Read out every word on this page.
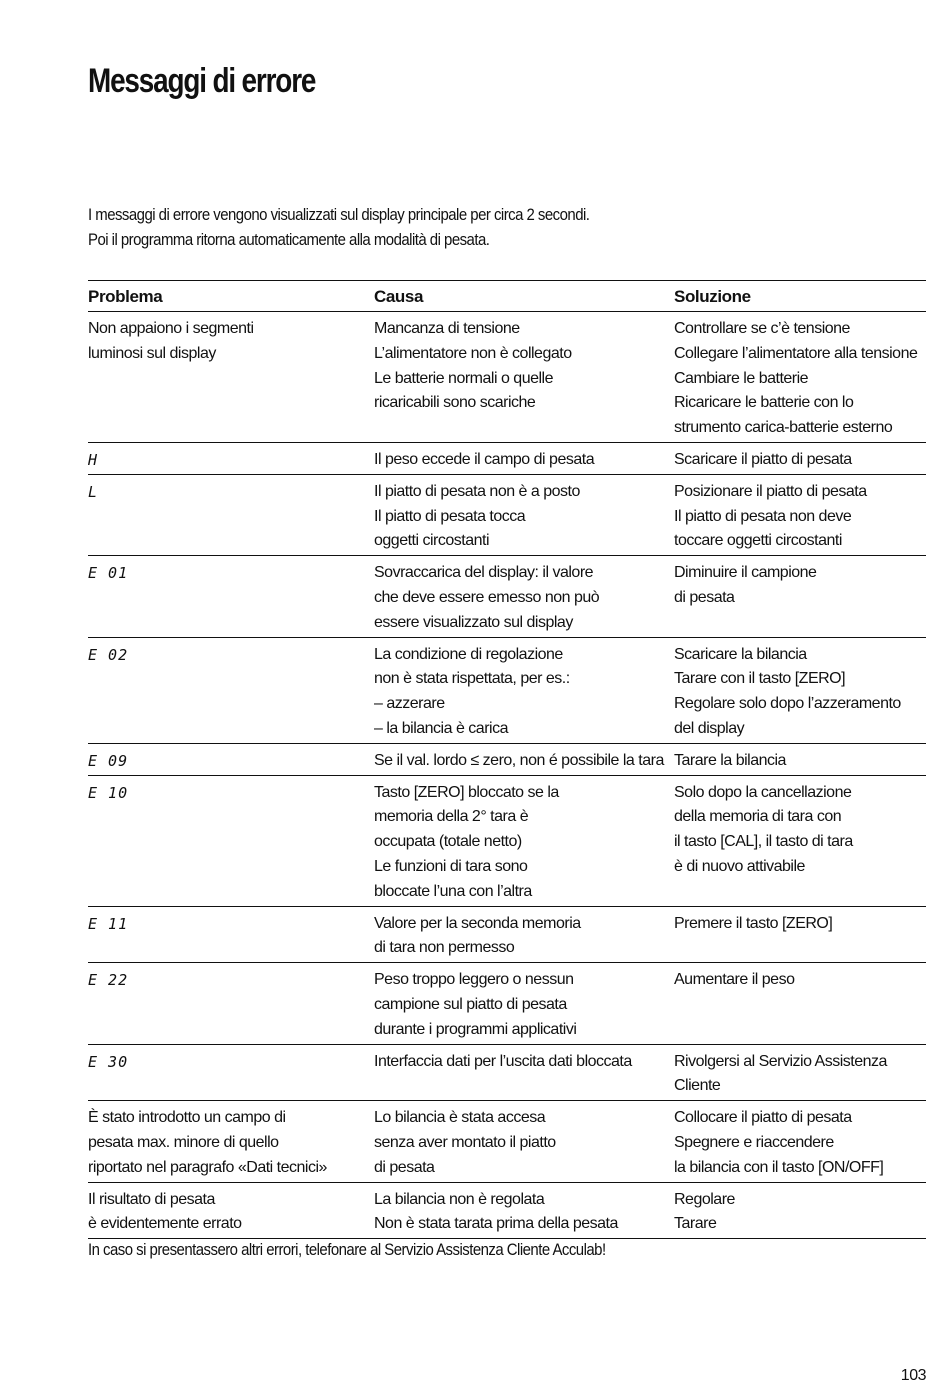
Messaggi di errore
I messaggi di errore vengono visualizzati sul display principale per circa 2 secondi.
Poi il programma ritorna automaticamente alla modalità di pesata.
Problema	Causa	Soluzione

Non appaiono i segmenti
luminosi sul display	Mancanza di tensione
L’alimentatore non è collegato
Le batterie normali o quelle
ricaricabili sono scariche	Controllare se c’è tensione
Collegare l’alimentatore alla tensione
Cambiare le batterie
Ricaricare le batterie con lo
strumento carica-batterie esterno

H	Il peso eccede il campo di pesata	Scaricare il piatto di pesata

L	Il piatto di pesata non è a posto
Il piatto di pesata tocca
oggetti circostanti	Posizionare il piatto di pesata
Il piatto di pesata non deve
toccare oggetti circostanti

E 01	Sovraccarica del display: il valore
che deve essere emesso non può
essere visualizzato sul display	Diminuire il campione
di pesata

E 02	La condizione di regolazione
non è stata rispettata, per es.:
– azzerare
– la bilancia è carica	Scaricare la bilancia
Tarare con il tasto [ZERO]
Regolare solo dopo l’azzeramento
del display

E 09	Se il val. lordo ≤ zero, non é possibile la tara	Tarare la bilancia

E 10	Tasto [ZERO] bloccato se la
memoria della 2° tara è
occupata (totale netto)
Le funzioni di tara sono
bloccate l’una con l’altra	Solo dopo la cancellazione
della memoria di tara con
il tasto [CAL], il tasto di tara
è di nuovo attivabile

E 11	Valore per la seconda memoria
di tara non permesso	Premere il tasto [ZERO]

E 22	Peso troppo leggero o nessun
campione sul piatto di pesata
durante i programmi applicativi	Aumentare il peso

E 30	Interfaccia dati per l’uscita dati bloccata	Rivolgersi al Servizio Assistenza Cliente

È stato introdotto un campo di
pesata max. minore di quello
riportato nel paragrafo «Dati tecnici»	Lo bilancia è stata accesa
senza aver montato il piatto
di pesata	Collocare il piatto di pesata
Spegnere e riaccendere
la bilancia con il tasto [ON/OFF]

Il risultato di pesata
è evidentemente errato	La bilancia non è regolata
Non è stata tarata prima della pesata	Regolare
Tarare
In caso si presentassero altri errori, telefonare al Servizio Assistenza Cliente Acculab!
103
